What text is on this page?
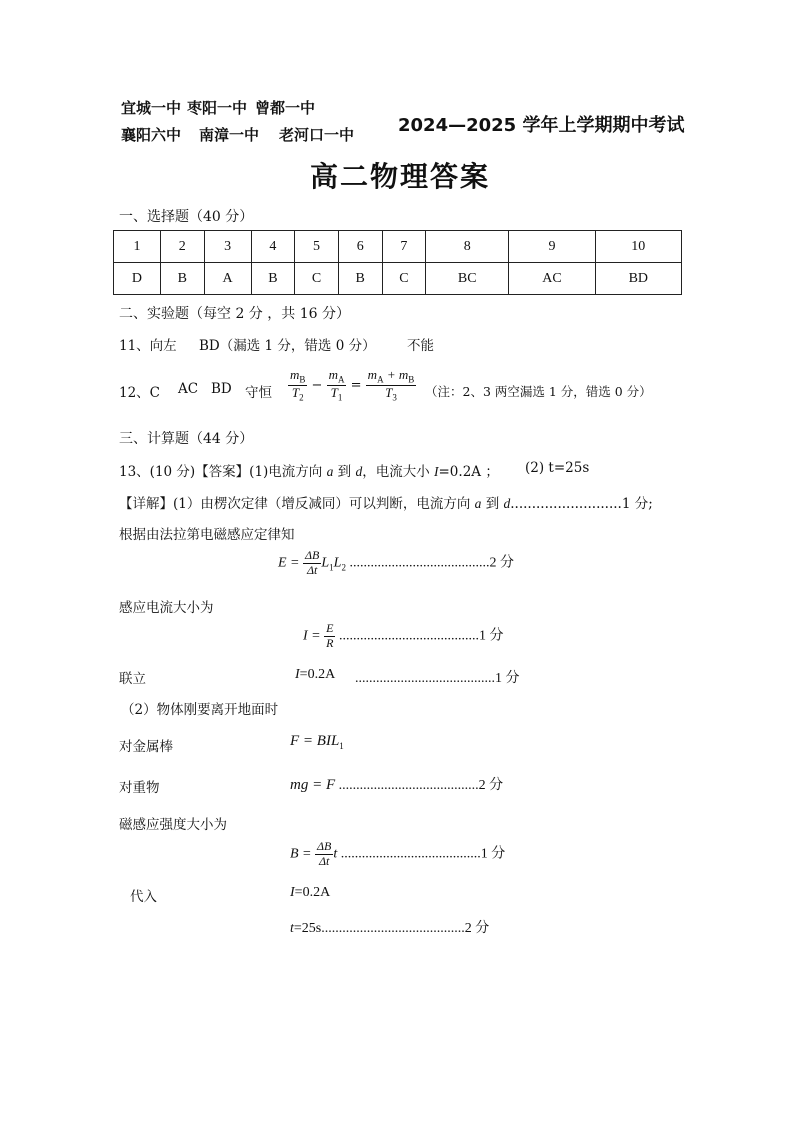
宜城一中 枣阳一中 曾都一中
襄阳六中 南漳一中 老河口一中 2024—2025 学年上学期期中考试
高二物理答案
一、选择题（40 分）
1	2	3	4	5	6	7	8	9	10
D	B	A	B	C	B	C	BC	AC	BD
二、实验题（每空 2 分 ，共 16 分）
11、向左 BD（漏选 1 分，错选 0 分） 不能
12、C AC BD 守恒 $\frac{m_B}{T_2} - \frac{m_A}{T_1} = \frac{m_A + m_B}{T_3}$ （注：2、3 两空漏选 1 分，错选 0 分）
三、计算题（44 分）
13、(10 分)【答案】(1)电流方向 a 到 d，电流大小 I=0.2A ； (2) t=25s
【详解】(1）由楞次定律（增反减同）可以判断，电流方向 a 到 d..........................1 分;
根据由法拉第电磁感应定律知
$E = \frac{\Delta B}{\Delta t} L_1L_2$ ........................................2 分
感应电流大小为
$I = \frac{E}{R} ........................................1$ 分
联立	I=0.2A ........................................1 分
（2）物体刚要离开地面时
对金属棒	$F = BIL_1$
对重物	mg = F ........................................2 分
磁感应强度大小为
$B = \frac{\Delta B}{\Delta t}$ t ........................................1 分
代入	I=0.2A
t=25s.........................................2 分
